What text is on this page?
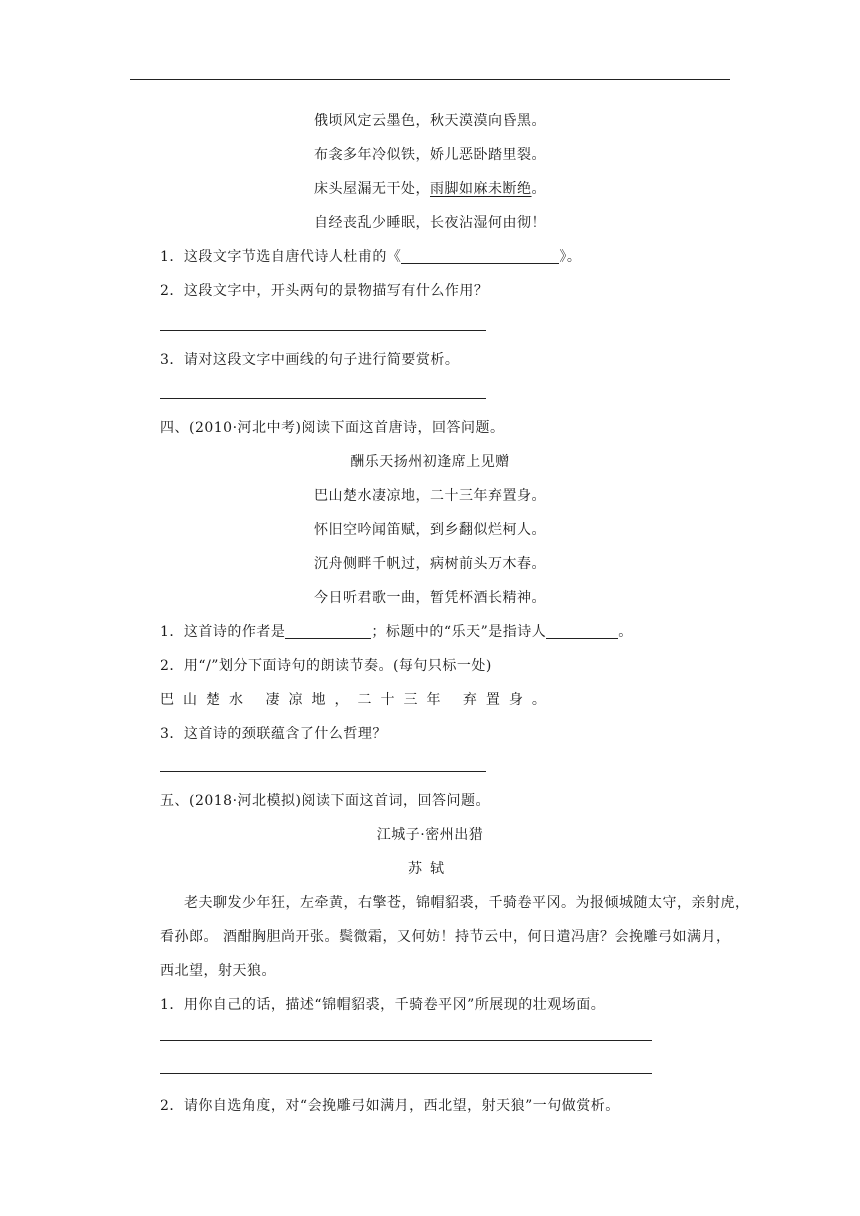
俄顷风定云墨色，秋天漠漠向昏黑。
布衾多年冷似铁，娇儿恶卧踏里裂。
床头屋漏无干处，雨脚如麻未断绝。
自经丧乱少睡眠，长夜沾湿何由彻！
1．这段文字节选自唐代诗人杜甫的《	》。
2．这段文字中，开头两句的景物描写有什么作用？
3．请对这段文字中画线的句子进行简要赏析。
四、(2010·河北中考)阅读下面这首唐诗，回答问题。
酬乐天扬州初逢席上见赠
巴山楚水凄凉地，二十三年弃置身。
怀旧空吟闻笛赋，到乡翻似烂柯人。
沉舟侧畔千帆过，病树前头万木春。
今日听君歌一曲，暂凭杯酒长精神。
1．这首诗的作者是	；标题中的“乐天”是指诗人	。
2．用“/”划分下面诗句的朗读节奏。(每句只标一处)
巴山楚水 凄凉地，二十三年 弃置身。
3．这首诗的颈联蕴含了什么哲理？
五、(2018·河北模拟)阅读下面这首词，回答问题。
江城子·密州出猎
苏轼
老夫聊发少年狂，左牵黄，右擎苍，锦帽貂裘，千骑卷平冈。为报倾城随太守，亲射虎，
看孙郎。 酒酣胸胆尚开张。鬓微霜，又何妨！持节云中，何日遣冯唐？会挽雕弓如满月，
西北望，射天狼。
1．用你自己的话，描述“锦帽貂裘，千骑卷平冈”所展现的壮观场面。
2．请你自选角度，对“会挽雕弓如满月，西北望，射天狼”一句做赏析。
